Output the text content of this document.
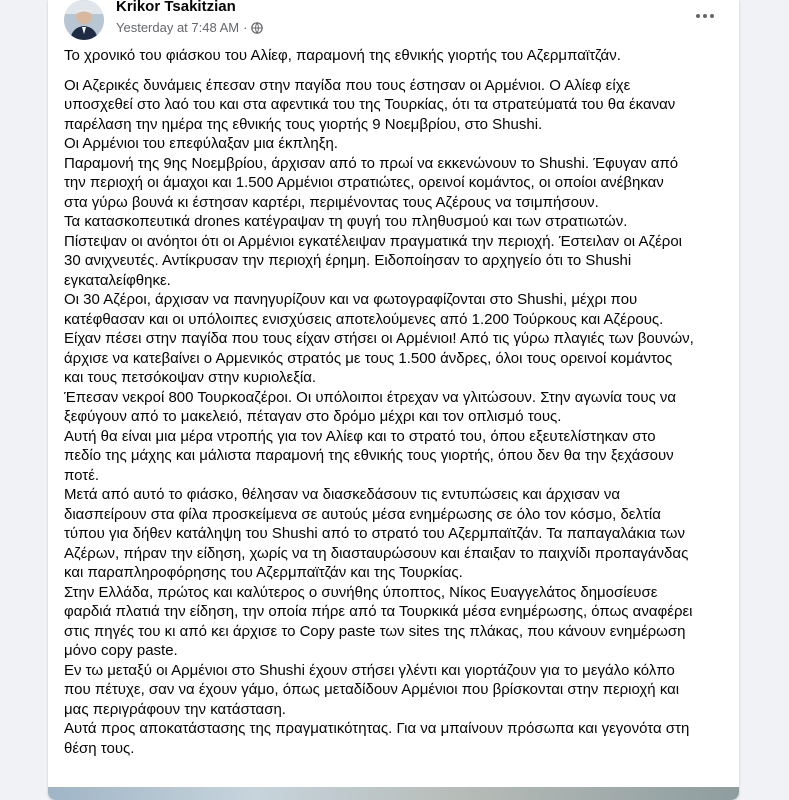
Krikor Tsakitzian
Yesterday at 7:48 AM ·

Το χρονικό του φιάσκου του Αλίεφ, παραμονή της εθνικής γιορτής του Αζερμπαϊτζάν.

Οι Αζερικές δυνάμεις έπεσαν στην παγίδα που τους έστησαν οι Αρμένιοι. Ο Αλίεφ είχε

υποσχεθεί στο λαό του και στα αφεντικά του της Τουρκίας, ότι τα στρατεύματά του θα έκαναν

παρέλαση την ημέρα της εθνικής τους γιορτής 9 Νοεμβρίου, στο Shushi.

Οι Αρμένιοι του επεφύλαξαν μια έκπληξη.

Παραμονή της 9ης Νοεμβρίου, άρχισαν από το πρωί να εκκενώνουν το Shushi. Έφυγαν από

την περιοχή οι άμαχοι και 1.500 Αρμένιοι στρατιώτες, ορεινοί κομάντος, οι οποίοι ανέβηκαν

στα γύρω βουνά κι έστησαν καρτέρι, περιμένοντας τους Αζέρους να τσιμπήσουν.

Τα κατασκοπευτικά drones κατέγραψαν τη φυγή του πληθυσμού και των στρατιωτών.

Πίστεψαν οι ανόητοι ότι οι Αρμένιοι εγκατέλειψαν πραγματικά την περιοχή. Έστειλαν οι Αζέροι

30 ανιχνευτές. Αντίκρυσαν την περιοχή έρημη. Ειδοποίησαν το αρχηγείο ότι το Shushi

εγκαταλείφθηκε.

Οι 30 Αζέροι, άρχισαν να πανηγυρίζουν και να φωτογραφίζονται στο Shushi, μέχρι που

κατέφθασαν και οι υπόλοιπες ενισχύσεις αποτελούμενες από 1.200 Τούρκους και Αζέρους.

Είχαν πέσει στην παγίδα που τους είχαν στήσει οι Αρμένιοι! Από τις γύρω πλαγιές των βουνών,

άρχισε να κατεβαίνει ο Αρμενικός στρατός με τους 1.500 άνδρες, όλοι τους ορεινοί κομάντος

και τους πετσόκοψαν στην κυριολεξία.

Έπεσαν νεκροί 800 Τουρκοαζέροι. Οι υπόλοιποι έτρεχαν να γλιτώσουν. Στην αγωνία τους να

ξεφύγουν από το μακελειό, πέταγαν στο δρόμο μέχρι και τον οπλισμό τους.

Αυτή θα είναι μια μέρα ντροπής για τον Αλίεφ και το στρατό του, όπου εξευτελίστηκαν στο

πεδίο της μάχης και μάλιστα παραμονή της εθνικής τους γιορτής, όπου δεν θα την ξεχάσουν

ποτέ.

Μετά από αυτό το φιάσκο, θέλησαν να διασκεδάσουν τις εντυπώσεις και άρχισαν να

διασπείρουν στα φίλα προσκείμενα σε αυτούς μέσα ενημέρωσης σε όλο τον κόσμο, δελτία

τύπου για δήθεν κατάληψη του Shushi από το στρατό του Αζερμπαϊτζάν. Τα παπαγαλάκια των

Αζέρων, πήραν την είδηση, χωρίς να τη διασταυρώσουν και έπαιξαν το παιχνίδι προπαγάνδας

και παραπληροφόρησης του Αζερμπαϊτζάν και της Τουρκίας.

Στην Ελλάδα, πρώτος και καλύτερος ο συνήθης ύποπτος, Νίκος Ευαγγελάτος δημοσίευσε

φαρδιά πλατιά την είδηση, την οποία πήρε από τα Τουρκικά μέσα ενημέρωσης, όπως αναφέρει

στις πηγές του κι από κει άρχισε το Copy paste των sites της πλάκας, που κάνουν ενημέρωση

μόνο copy paste.

Εν τω μεταξύ οι Αρμένιοι στο Shushi έχουν στήσει γλέντι και γιορτάζουν για το μεγάλο κόλπο

που πέτυχε, σαν να έχουν γάμο, όπως μεταδίδουν Αρμένιοι που βρίσκονται στην περιοχή και

μας περιγράφουν την κατάσταση.

Αυτά προς αποκατάστασης της πραγματικότητας. Για να μπαίνουν πρόσωπα και γεγονότα στη

θέση τους.
